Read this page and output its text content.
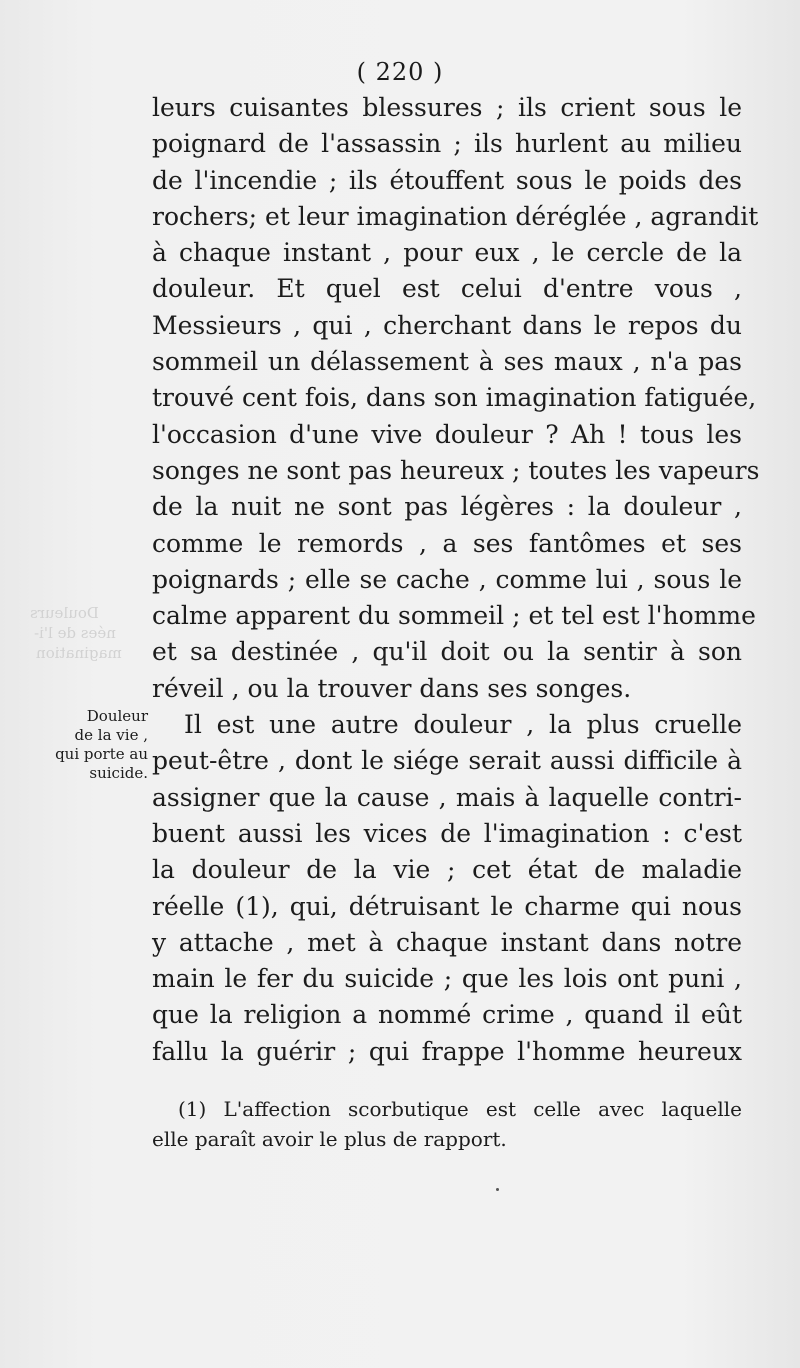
Douleurs
nées de l'i-
magination
( 220 )
leurs cuisantes blessures ; ils crient sous le
poignard de l'assassin ; ils hurlent au milieu
de l'incendie ; ils étouffent sous le poids des
rochers; et leur imagination déréglée , agrandit
à chaque instant , pour eux , le cercle de la
douleur. Et quel est celui d'entre vous ,
Messieurs , qui , cherchant dans le repos du
sommeil un délassement à ses maux , n'a pas
trouvé cent fois, dans son imagination fatiguée,
l'occasion d'une vive douleur ? Ah ! tous les
songes ne sont pas heureux ; toutes les vapeurs
de la nuit ne sont pas légères : la douleur ,
comme le remords , a ses fantômes et ses
poignards ; elle se cache , comme lui , sous le
calme apparent du sommeil ; et tel est l'homme
et sa destinée , qu'il doit ou la sentir à son
réveil , ou la trouver dans ses songes.
Il est une autre douleur , la plus cruelle
peut-être , dont le siége serait aussi difficile à
assigner que la cause , mais à laquelle contri-
buent aussi les vices de l'imagination : c'est
la douleur de la vie ; cet état de maladie
réelle (1), qui, détruisant le charme qui nous
y attache , met à chaque instant dans notre
main le fer du suicide ; que les lois ont puni ,
que la religion a nommé crime , quand il eût
fallu la guérir ; qui frappe l'homme heureux
Douleur
de la vie ,
qui porte au
suicide.
(1) L'affection scorbutique est celle avec laquelle
elle paraît avoir le plus de rapport.
